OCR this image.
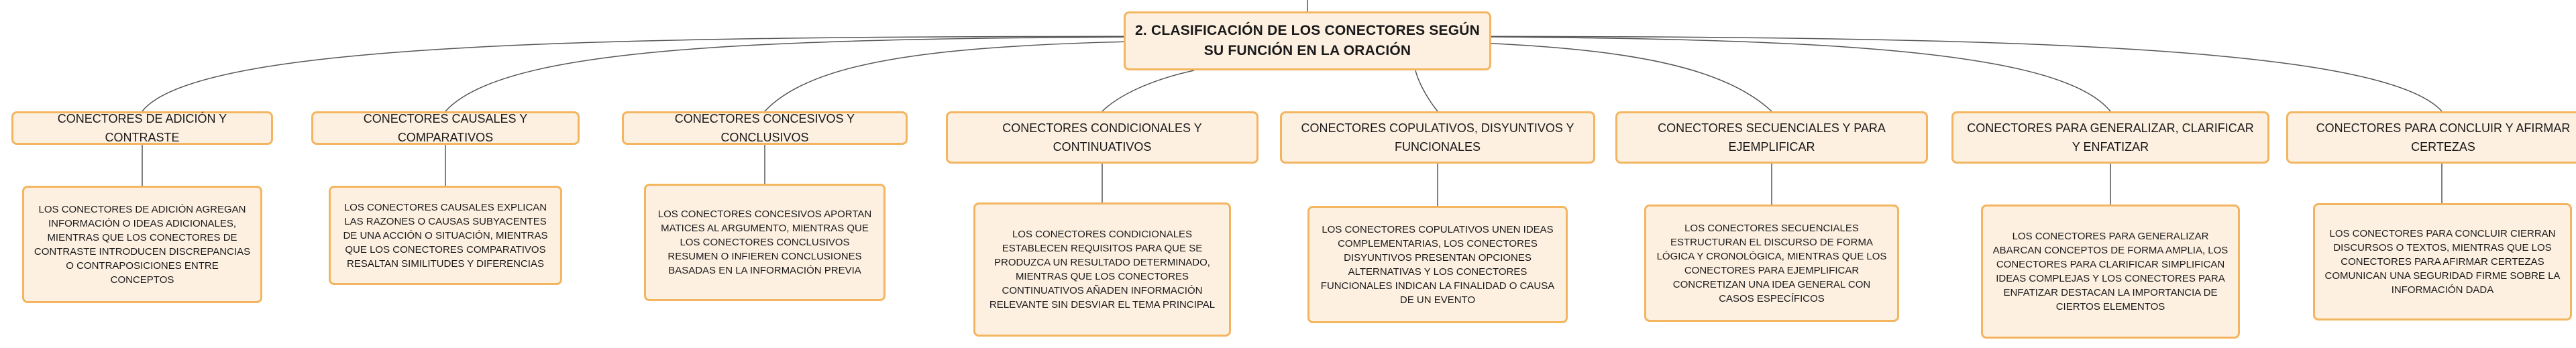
2. CLASIFICACIÓN DE LOS CONECTORES SEGÚN SU FUNCIÓN EN LA ORACIÓN
CONECTORES DE ADICIÓN Y CONTRASTE
LOS CONECTORES DE ADICIÓN AGREGAN INFORMACIÓN O IDEAS ADICIONALES, MIENTRAS QUE LOS CONECTORES DE CONTRASTE INTRODUCEN DISCREPANCIAS O CONTRAPOSICIONES ENTRE CONCEPTOS
CONECTORES CAUSALES Y COMPARATIVOS
LOS CONECTORES CAUSALES EXPLICAN LAS RAZONES O CAUSAS SUBYACENTES DE UNA ACCIÓN O SITUACIÓN, MIENTRAS QUE LOS CONECTORES COMPARATIVOS RESALTAN SIMILITUDES Y DIFERENCIAS
CONECTORES CONCESIVOS Y CONCLUSIVOS
LOS CONECTORES CONCESIVOS APORTAN MATICES AL ARGUMENTO, MIENTRAS QUE LOS CONECTORES CONCLUSIVOS RESUMEN O INFIEREN CONCLUSIONES BASADAS EN LA INFORMACIÓN PREVIA
CONECTORES CONDICIONALES Y CONTINUATIVOS
LOS CONECTORES CONDICIONALES ESTABLECEN REQUISITOS PARA QUE SE PRODUZCA UN RESULTADO DETERMINADO, MIENTRAS QUE LOS CONECTORES CONTINUATIVOS AÑADEN INFORMACIÓN RELEVANTE SIN DESVIAR EL TEMA PRINCIPAL
CONECTORES COPULATIVOS, DISYUNTIVOS Y FUNCIONALES
LOS CONECTORES COPULATIVOS UNEN IDEAS COMPLEMENTARIAS, LOS CONECTORES DISYUNTIVOS PRESENTAN OPCIONES ALTERNATIVAS Y LOS CONECTORES FUNCIONALES INDICAN LA FINALIDAD O CAUSA DE UN EVENTO
CONECTORES SECUENCIALES Y PARA EJEMPLIFICAR
LOS CONECTORES SECUENCIALES ESTRUCTURAN EL DISCURSO DE FORMA LÓGICA Y CRONOLÓGICA, MIENTRAS QUE LOS CONECTORES PARA EJEMPLIFICAR CONCRETIZAN UNA IDEA GENERAL CON CASOS ESPECÍFICOS
CONECTORES PARA GENERALIZAR, CLARIFICAR Y ENFATIZAR
LOS CONECTORES PARA GENERALIZAR ABARCAN CONCEPTOS DE FORMA AMPLIA, LOS CONECTORES PARA CLARIFICAR SIMPLIFICAN IDEAS COMPLEJAS Y LOS CONECTORES PARA ENFATIZAR DESTACAN LA IMPORTANCIA DE CIERTOS ELEMENTOS
CONECTORES PARA CONCLUIR Y AFIRMAR CERTEZAS
LOS CONECTORES PARA CONCLUIR CIERRAN DISCURSOS O TEXTOS, MIENTRAS QUE LOS CONECTORES PARA AFIRMAR CERTEZAS COMUNICAN UNA SEGURIDAD FIRME SOBRE LA INFORMACIÓN DADA
